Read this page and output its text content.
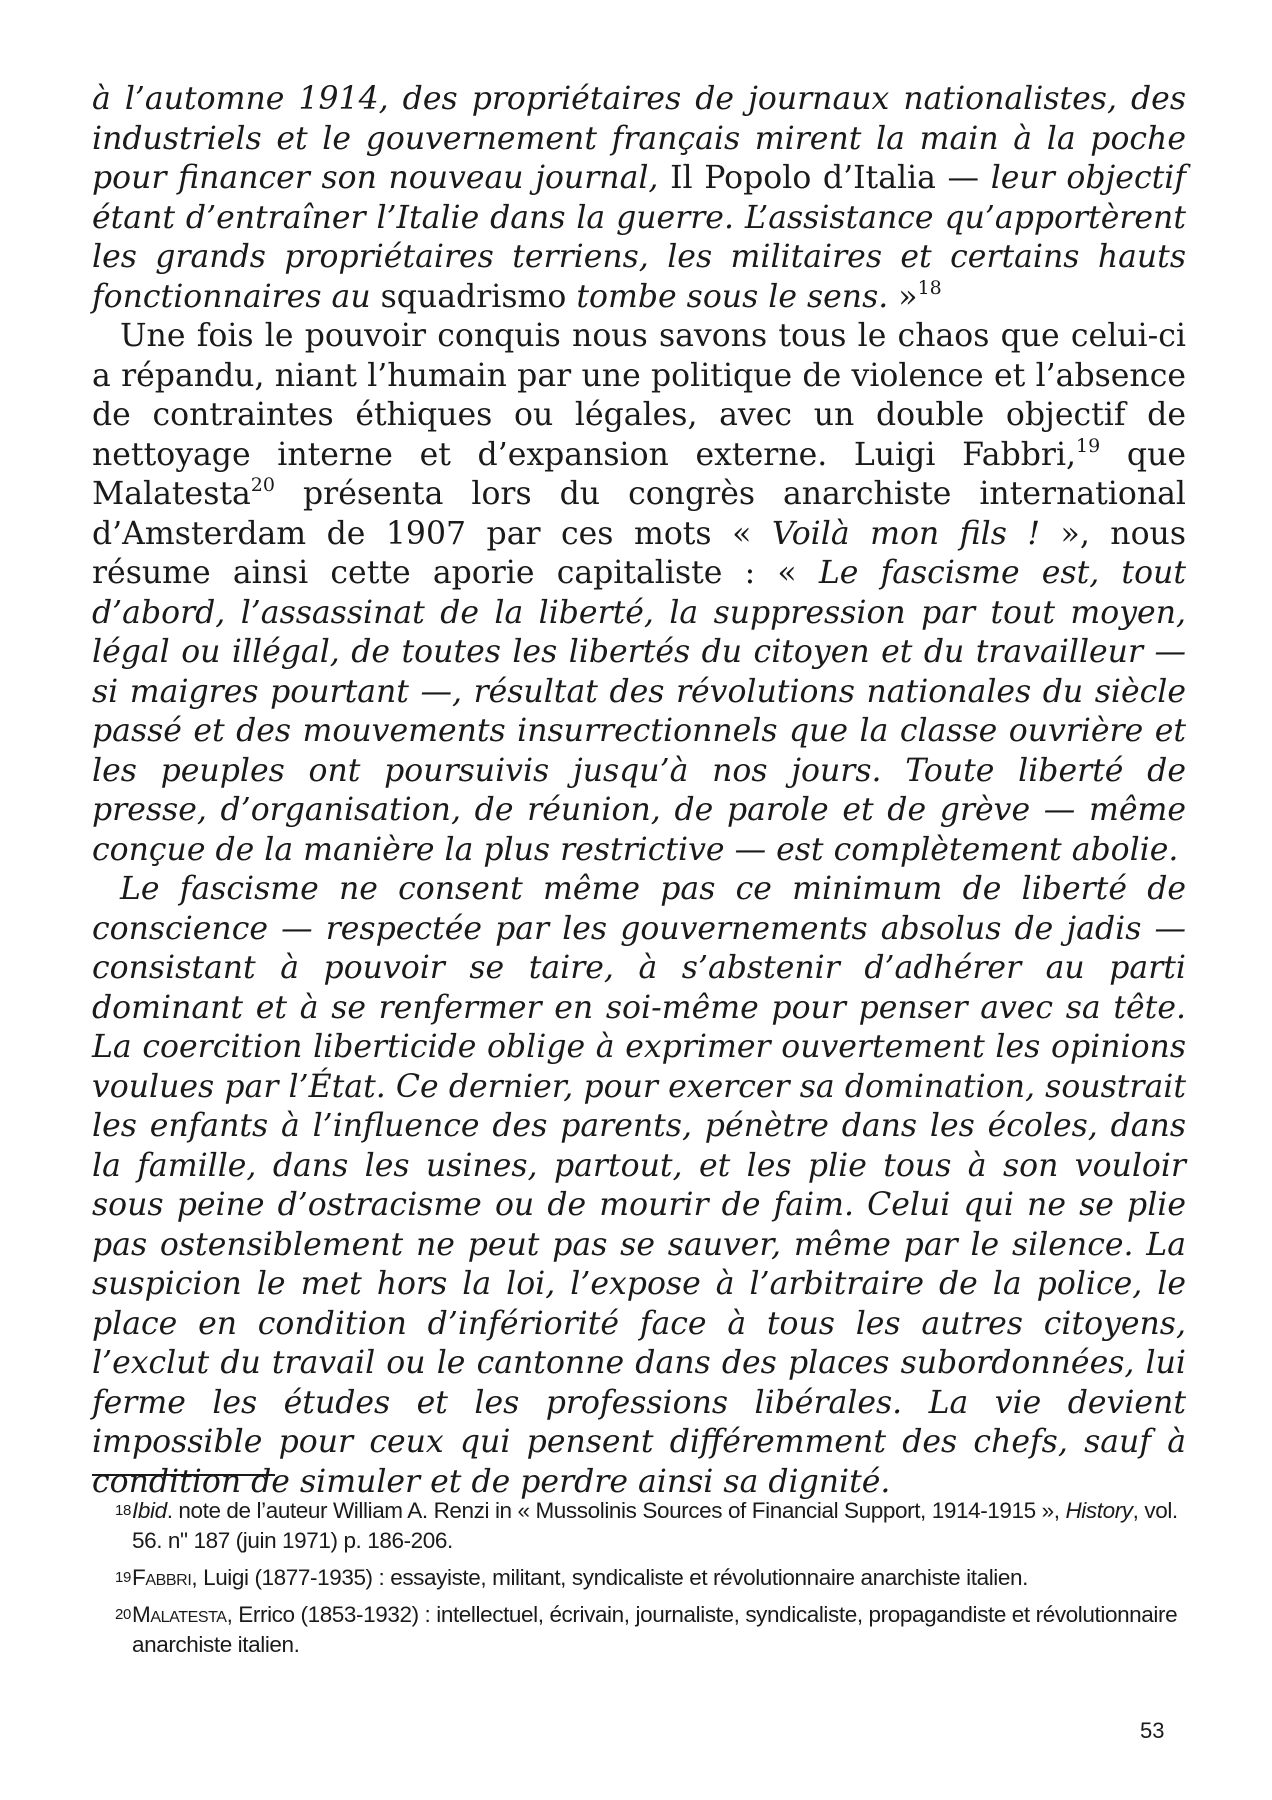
à l’automne 1914, des propriétaires de journaux nationalistes, des industriels et le gouvernement français mirent la main à la poche pour financer son nouveau journal, Il Popolo d’Italia — leur objectif étant d’entraîner l’Italie dans la guerre. L’assistance qu’apportèrent les grands propriétaires terriens, les militaires et certains hauts fonctionnaires au squadrismo tombe sous le sens. »$^{18}$

Une fois le pouvoir conquis nous savons tous le chaos que celui-ci a répandu, niant l’humain par une politique de violence et l’absence de contraintes éthiques ou légales, avec un double objectif de nettoyage interne et d’expansion externe. Luigi Fabbri,$^{19}$ que Malatesta$^{20}$ présenta lors du congrès anarchiste international d’Amsterdam de 1907 par ces mots « Voilà mon fils ! », nous résume ainsi cette aporie capitaliste : « Le fascisme est, tout d’abord, l’assassinat de la liberté, la suppression par tout moyen, légal ou illégal, de toutes les libertés du citoyen et du travailleur — si maigres pourtant —, résultat des révolutions nationales du siècle passé et des mouvements insurrectionnels que la classe ouvrière et les peuples ont poursuivis jusqu’à nos jours. Toute liberté de presse, d’organisation, de réunion, de parole et de grève — même conçue de la manière la plus restrictive — est complètement abolie.

Le fascisme ne consent même pas ce minimum de liberté de conscience — respectée par les gouvernements absolus de jadis — consistant à pouvoir se taire, à s’abstenir d’adhérer au parti dominant et à se renfermer en soi-même pour penser avec sa tête. La coercition liberticide oblige à exprimer ouvertement les opinions voulues par l’État. Ce dernier, pour exercer sa domination, soustrait les enfants à l’influence des parents, pénètre dans les écoles, dans la famille, dans les usines, partout, et les plie tous à son vouloir sous peine d’ostracisme ou de mourir de faim. Celui qui ne se plie pas ostensiblement ne peut pas se sauver, même par le silence. La suspicion le met hors la loi, l’expose à l’arbitraire de la police, le place en condition d’infériorité face à tous les autres citoyens, l’exclut du travail ou le cantonne dans des places subordonnées, lui ferme les études et les professions libérales. La vie devient impossible pour ceux qui pensent différemment des chefs, sauf à condition de simuler et de perdre ainsi sa dignité.

18 Ibid. note de l’auteur William A. Renzi in « Mussolinis Sources of Financial Support, 1914-1915 », History, vol. 56. n" 187 (juin 1971) p. 186-206.
19 Fabbri, Luigi (1877-1935) : essayiste, militant, syndicaliste et révolutionnaire anarchiste italien.
20 Malatesta, Errico (1853-1932) : intellectuel, écrivain, journaliste, syndicaliste, propagandiste et révolutionnaire anarchiste italien.
53
